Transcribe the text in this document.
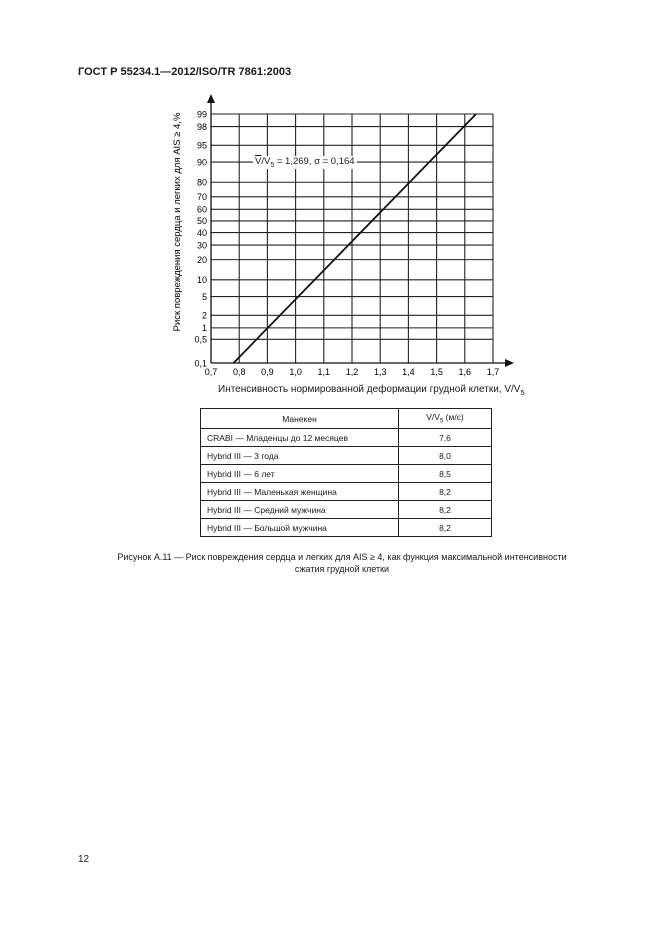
ГОСТ Р 55234.1—2012/ISO/TR 7861:2003
Риск повреждения сердца и легких для AIS ≥ 4,%
0,1
0,5
1
2
5
10
20
30
40
50
60
70
80
90
95
98
99
0,7 0,8 0,9 1,0 1,1 1,2 1,3 1,4 1,5 1,6 1,7
$\overline{V}/V_5 = 1,269$, σ = 0,164
Интенсивность нормированной деформации грудной клетки, $V/V_5$
Манекен	$V/V_5$ (м/с)
CRABI — Младенцы до 12 месяцев	7,6
Hybrid III — 3 года	8,0
Hybrid III — 6 лет	8,5
Hybrid III — Маленькая женщина	8,2
Hybrid III — Средний мужчина	8,2
Hybrid III — Большой мужчина	8,2
Рисунок А.11 — Риск повреждения сердца и легких для AIS ≥ 4, как функция максимальной интенсивности
сжатия грудной клетки
12
